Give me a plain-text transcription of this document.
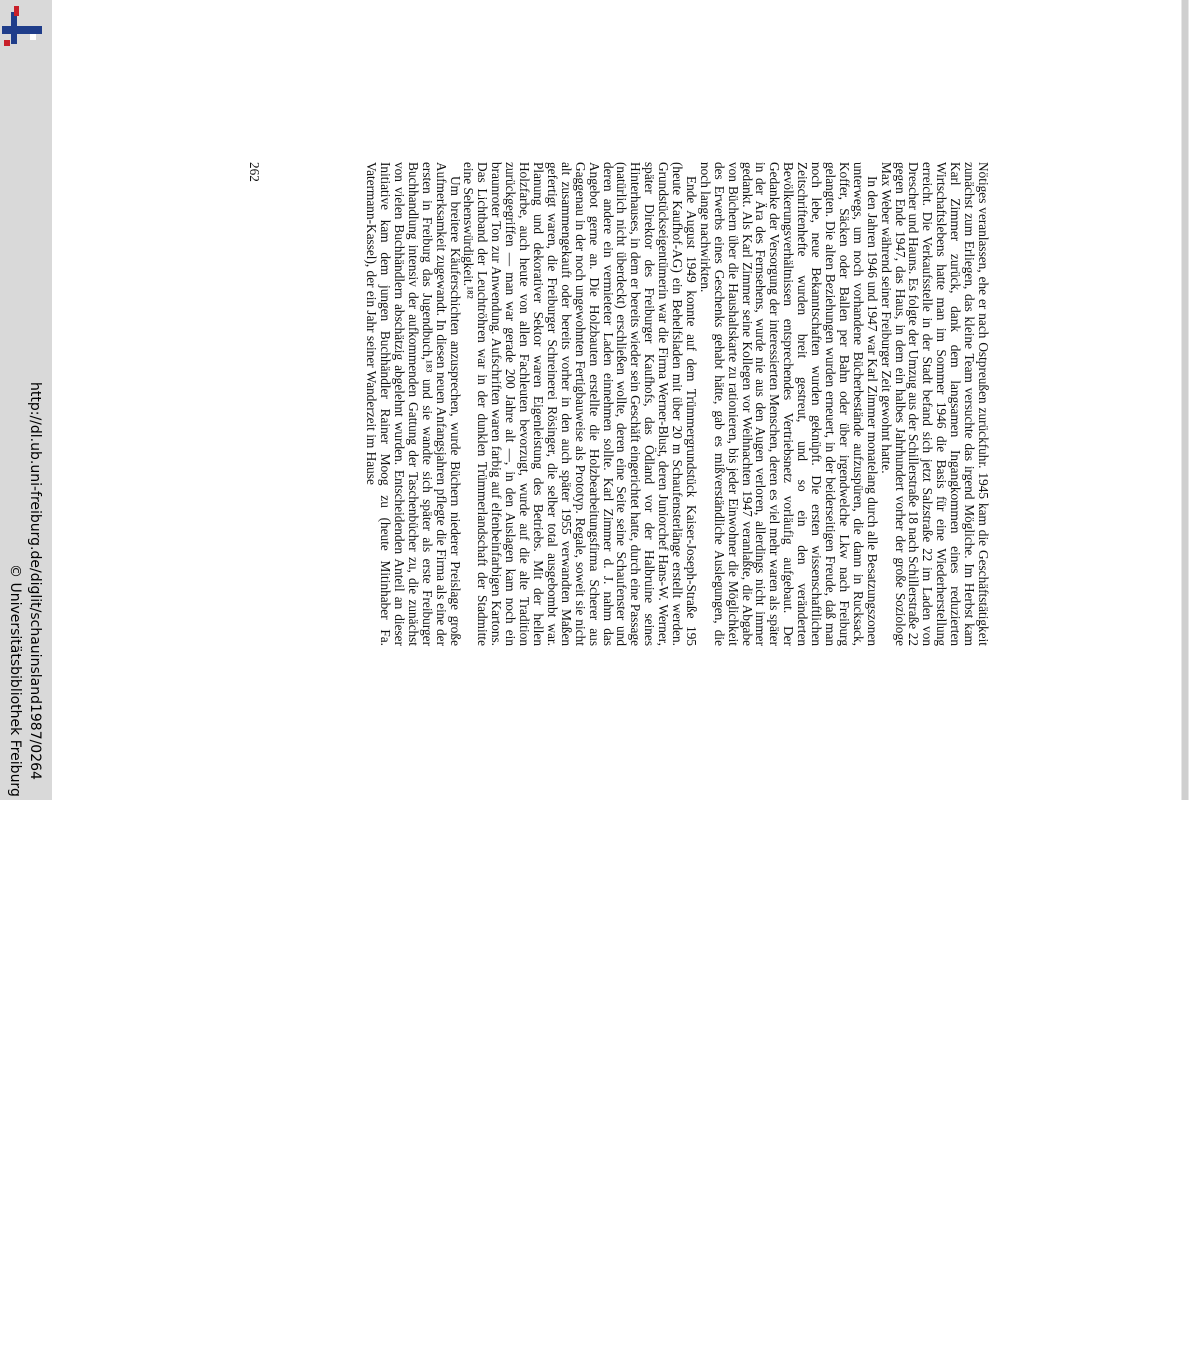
http://dl.ub.uni-freiburg.de/diglit/schauinsland1987/0264
© Universitätsbibliothek Freiburg

Nötiges veranlassen, ehe er nach Ostpreußen zurückfuhr. 1945 kam die Geschäftstätigkeit zunächst zum Erliegen, das kleine Team versuchte das irgend Mögliche. Im Herbst kam Karl Zimmer zurück, dank dem langsamen Ingangkommen eines reduzierten Wirtschaftslebens hatte man im Sommer 1946 die Basis für eine Wiederherstellung erreicht. Die Verkaufsstelle in der Stadt befand sich jetzt Salzstraße 22 im Laden von Drescher und Hauns. Es folgte der Umzug aus der Schillerstraße 18 nach Schillerstraße 22 gegen Ende 1947, das Haus, in dem ein halbes Jahrhundert vorher der große Soziologe Max Weber während seiner Freiburger Zeit gewohnt hatte.

In den Jahren 1946 und 1947 war Karl Zimmer monatelang durch alle Besatzungszonen unterwegs, um noch vorhandene Bücherbestände aufzuspüren, die dann in Rucksack, Koffer, Säcken oder Ballen per Bahn oder über irgendwelche Lkw nach Freiburg gelangten. Die alten Beziehungen wurden erneuert, in der beiderseitigen Freude, daß man noch lebe, neue Bekanntschaften wurden geknüpft. Die ersten wissenschaftlichen Zeitschriftenhefte wurden breit gestreut, und so ein den veränderten Bevölkerungsverhältnissen entsprechendes Vertriebsnetz vorläufig aufgebaut. Der Gedanke der Versorgung der interessierten Menschen, deren es viel mehr waren als später in der Ära des Fernsehens, wurde nie aus den Augen verloren, allerdings nicht immer gedankt. Als Karl Zimmer seine Kollegen vor Weihnachten 1947 veranlaßte, die Abgabe von Büchern über die Haushaltskarte zu rationieren, bis jeder Einwohner die Möglichkeit des Erwerbs eines Geschenks gehabt hätte, gab es mißverständliche Auslegungen, die noch lange nachwirkten.

Ende August 1949 konnte auf dem Trümmergrundstück Kaiser-Joseph-Straße 195 (heute Kaufhof-AG) ein Behelfsladen mit über 20 m Schaufensterlänge erstellt werden. Grundstückseigentümerin war die Firma Werner-Blust, deren Juniorchef Hans-W. Werner, später Direktor des Freiburger Kaufhofs, das Ödland vor der Halbruine seines Hinterhauses, in dem er bereits wieder sein Geschäft eingerichtet hatte, durch eine Passage (natürlich nicht überdeckt) erschließen wollte, deren eine Seite seine Schaufenster und deren andere ein vermieteter Laden einnehmen sollte. Karl Zimmer d. J. nahm das Angebot gerne an. Die Holzbauten erstellte die Holzbearbeitungsfirma Scherer aus Gaggenau in der noch ungewohnten Fertigbauweise als Prototyp. Regale, soweit sie nicht alt zusammengekauft oder bereits vorher in den auch später 1955 verwandten Maßen gefertigt waren, die Freiburger Schreinerei Rösinger, die selber total ausgebombt war. Planung und dekorativer Sektor waren Eigenleistung des Betriebs. Mit der hellen Holzfarbe, auch heute von allen Fachleuten bevorzugt, wurde auf die alte Tradition zurückgegriffen — man war gerade 200 Jahre alt —, in den Auslagen kam noch ein braunroter Ton zur Anwendung. Aufschriften waren farbig auf elfenbeinfarbigen Kartons. Das Lichtband der Leuchtröhren war in der dunklen Trümmerlandschaft der Stadmitte eine Sehenswürdigkeit.¹⁸²

Um breitere Käuferschichten anzusprechen, wurde Büchern niederer Preislage große Aufmerksamkeit zugewandt. In diesen neuen Anfangsjahren pflegte die Firma als eine der ersten in Freiburg das Jugendbuch,¹⁸³ und sie wandte sich später als erste Freiburger Buchhandlung intensiv der aufkommenden Gattung der Taschenbücher zu, die zunächst von vielen Buchhändlern abschätzig abgelehnt wurden. Entscheidenden Anteil an dieser Initiative kam dem jungen Buchhändler Rainer Moog zu (heute Mitinhaber Fa. Vatermann-Kassel), der ein Jahr seiner Wanderzeit im Hause

262
